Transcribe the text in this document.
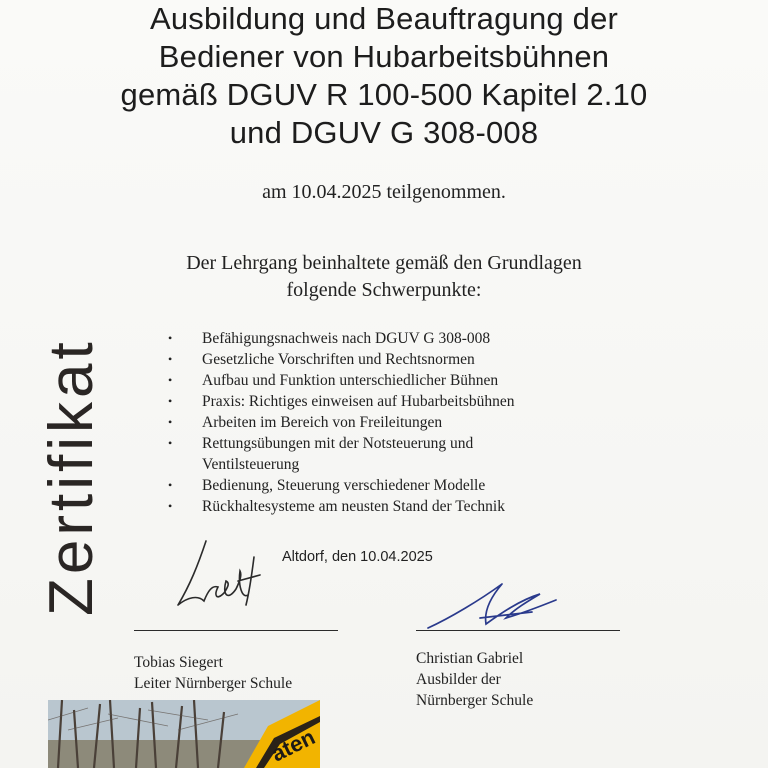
Ausbildung und Beauftragung der
Bediener von Hubarbeitsbühnen
gemäß DGUV R 100-500 Kapitel 2.10
und DGUV G 308-008
am 10.04.2025 teilgenommen.
Der Lehrgang beinhaltete gemäß den Grundlagen
folgende Schwerpunkte:
Zertifikat
• Befähigungsnachweis nach DGUV G 308-008
• Gesetzliche Vorschriften und Rechtsnormen
• Aufbau und Funktion unterschiedlicher Bühnen
• Praxis: Richtiges einweisen auf Hubarbeitsbühnen
• Arbeiten im Bereich von Freileitungen
• Rettungsübungen mit der Notsteuerung und
Ventilsteuerung
• Bedienung, Steuerung verschiedener Modelle
• Rückhaltesysteme am neusten Stand der Technik
Altdorf, den 10.04.2025
Tobias Siegert
Leiter Nürnberger Schule
Christian Gabriel
Ausbilder der
Nürnberger Schule
aten
